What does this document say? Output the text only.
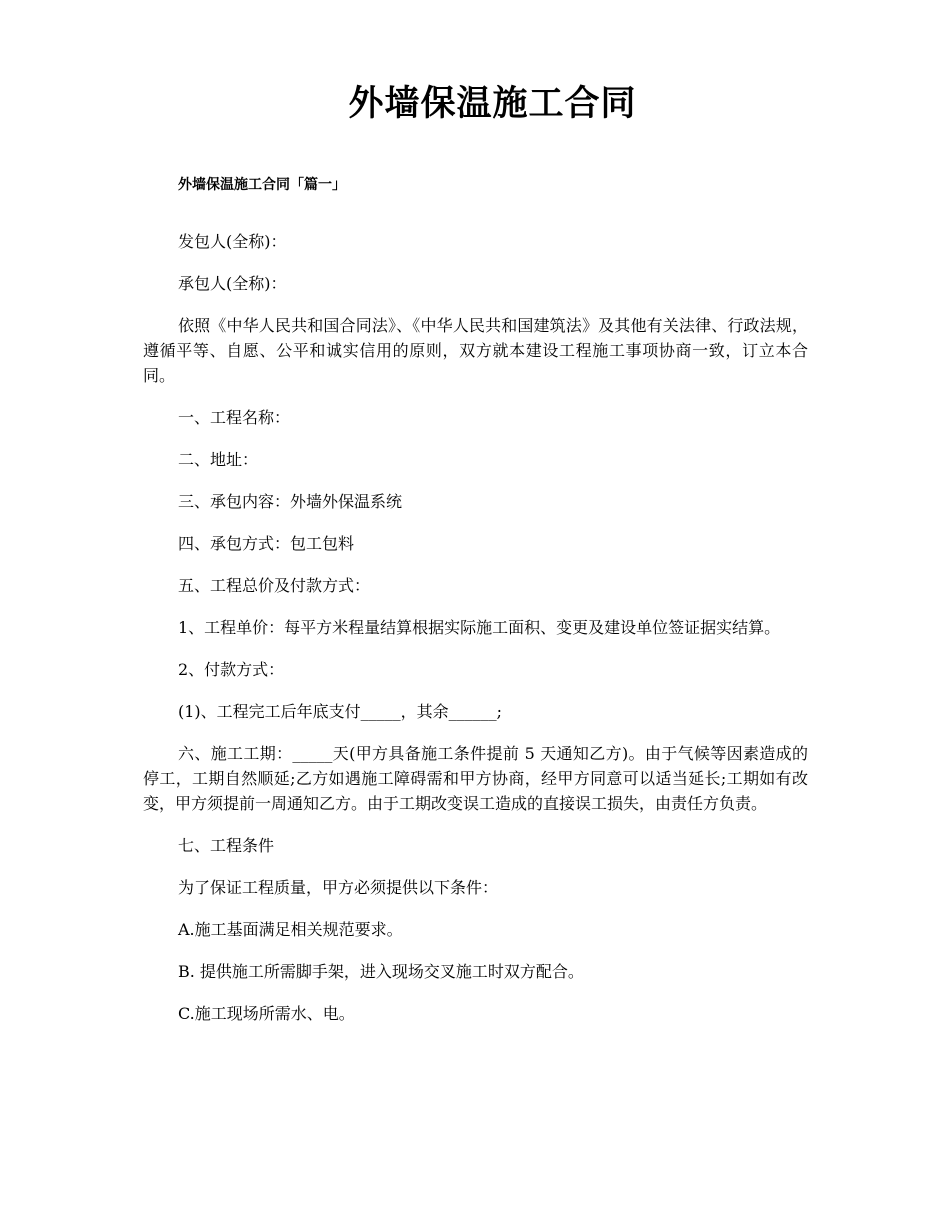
外墙保温施工合同
外墙保温施工合同「篇一」

发包人(全称)：

承包人(全称)：

依照《中华人民共和国合同法》、《中华人民共和国建筑法》及其他有关法律、行政法规，遵循平等、自愿、公平和诚实信用的原则，双方就本建设工程施工事项协商一致，订立本合同。

一、工程名称：

二、地址：

三、承包内容：外墙外保温系统

四、承包方式：包工包料

五、工程总价及付款方式：

1、工程单价：每平方米程量结算根据实际施工面积、变更及建设单位签证据实结算。

2、付款方式：

(1)、工程完工后年底支付_____，其余______;

六、施工工期：_____天(甲方具备施工条件提前 5 天通知乙方)。由于气候等因素造成的停工，工期自然顺延;乙方如遇施工障碍需和甲方协商，经甲方同意可以适当延长;工期如有改变，甲方须提前一周通知乙方。由于工期改变误工造成的直接误工损失，由责任方负责。

七、工程条件

为了保证工程质量，甲方必须提供以下条件：

A.施工基面满足相关规范要求。

B. 提供施工所需脚手架，进入现场交叉施工时双方配合。

C.施工现场所需水、电。
